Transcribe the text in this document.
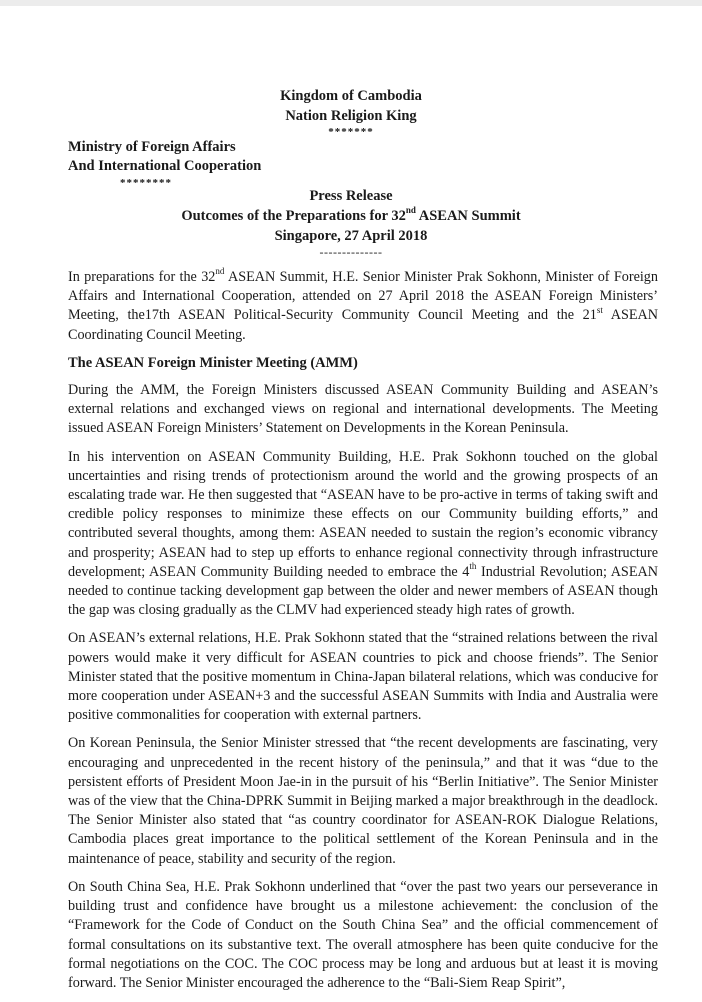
Kingdom of Cambodia
Nation Religion King
*******
Ministry of Foreign Affairs
And International Cooperation
********
Press Release
Outcomes of the Preparations for 32nd ASEAN Summit
Singapore, 27 April 2018
--------------

In preparations for the 32nd ASEAN Summit, H.E. Senior Minister Prak Sokhonn, Minister of Foreign Affairs and International Cooperation, attended on 27 April 2018 the ASEAN Foreign Ministers’ Meeting, the17th ASEAN Political-Security Community Council Meeting and the 21st ASEAN Coordinating Council Meeting.

The ASEAN Foreign Minister Meeting (AMM)

During the AMM, the Foreign Ministers discussed ASEAN Community Building and ASEAN’s external relations and exchanged views on regional and international developments. The Meeting issued ASEAN Foreign Ministers’ Statement on Developments in the Korean Peninsula.

In his intervention on ASEAN Community Building, H.E. Prak Sokhonn touched on the global uncertainties and rising trends of protectionism around the world and the growing prospects of an escalating trade war. He then suggested that “ASEAN have to be pro-active in terms of taking swift and credible policy responses to minimize these effects on our Community building efforts,” and contributed several thoughts, among them: ASEAN needed to sustain the region’s economic vibrancy and prosperity; ASEAN had to step up efforts to enhance regional connectivity through infrastructure development; ASEAN Community Building needed to embrace the 4th Industrial Revolution; ASEAN needed to continue tacking development gap between the older and newer members of ASEAN though the gap was closing gradually as the CLMV had experienced steady high rates of growth.

On ASEAN’s external relations, H.E. Prak Sokhonn stated that the “strained relations between the rival powers would make it very difficult for ASEAN countries to pick and choose friends”. The Senior Minister stated that the positive momentum in China-Japan bilateral relations, which was conducive for more cooperation under ASEAN+3 and the successful ASEAN Summits with India and Australia were positive commonalities for cooperation with external partners.

On Korean Peninsula, the Senior Minister stressed that “the recent developments are fascinating, very encouraging and unprecedented in the recent history of the peninsula,” and that it was “due to the persistent efforts of President Moon Jae-in in the pursuit of his “Berlin Initiative”. The Senior Minister was of the view that the China-DPRK Summit in Beijing marked a major breakthrough in the deadlock. The Senior Minister also stated that “as country coordinator for ASEAN-ROK Dialogue Relations, Cambodia places great importance to the political settlement of the Korean Peninsula and in the maintenance of peace, stability and security of the region.

On South China Sea, H.E. Prak Sokhonn underlined that “over the past two years our perseverance in building trust and confidence have brought us a milestone achievement: the conclusion of the “Framework for the Code of Conduct on the South China Sea” and the official commencement of formal consultations on its substantive text. The overall atmosphere has been quite conducive for the formal negotiations on the COC. The COC process may be long and arduous but at least it is moving forward. The Senior Minister encouraged the adherence to the “Bali-Siem Reap Spirit”,
